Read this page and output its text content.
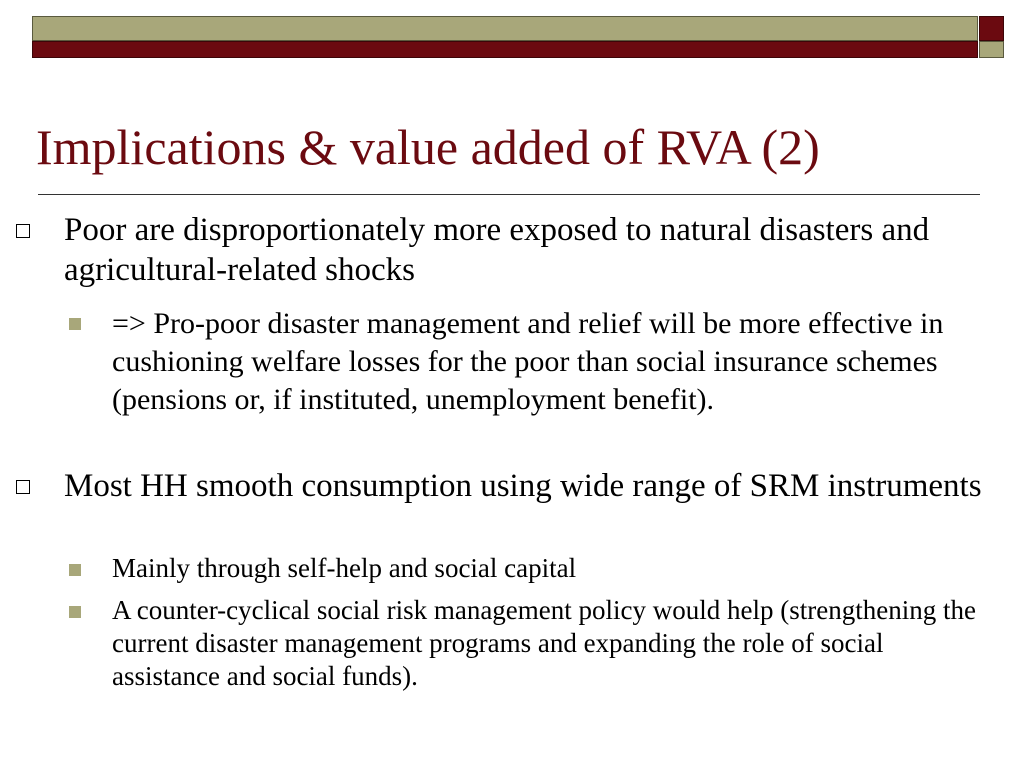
Implications & value added of RVA (2)
Poor are disproportionately more exposed to natural disasters and agricultural-related shocks
=> Pro-poor disaster management and relief will be more effective in cushioning welfare losses for the poor than social insurance schemes (pensions or, if instituted, unemployment benefit).
Most HH smooth consumption using wide range of SRM instruments
Mainly through self-help and social capital
A counter-cyclical social risk management policy would help (strengthening the current disaster management programs and expanding the role of social assistance and social funds).
